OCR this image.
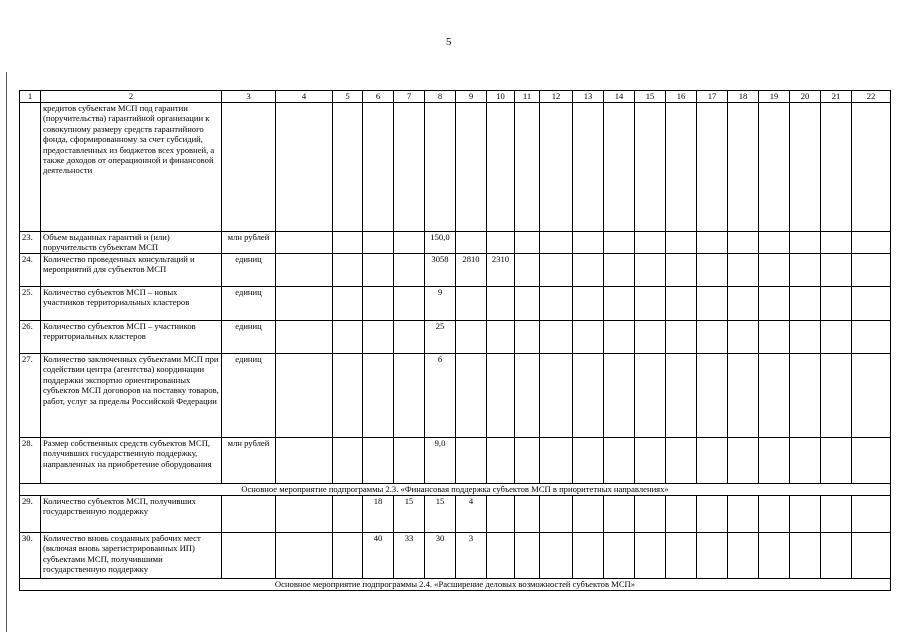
5
1	2	3	4	5	6	7	8	9	10	11	12	13	14	15	16	17	18	19	20	21	22
	кредитов субъектам МСП под гарантии (поручительства) гарантийной организации к совокупному размеру средств гарантийного фонда, сформированному за счет субсидий, предоставленных из бюджетов всех уровней, а также доходов от операционной и финансовой деятельности																				
23.	Объем выданных гарантий и (или) поручительств субъектам МСП	млн рублей					150,0														
24.	Количество проведенных консультаций и мероприятий для субъектов МСП	единиц					3058	2810	2310												
25.	Количество субъектов МСП – новых участников территориальных кластеров	единиц					9														
26.	Количество субъектов МСП – участников территориальных кластеров	единиц					25														
27.	Количество заключенных субъектами МСП при содействии центра (агентства) координации поддержки экспортно ориентированных субъектов МСП договоров на поставку товаров, работ, услуг за пределы Российской Федерации	единиц					6														
28.	Размер собственных средств субъектов МСП, получивших государственную поддержку, направленных на приобретение оборудования	млн рублей					9,0														
Основное мероприятие подпрограммы 2.3. «Финансовая поддержка субъектов МСП в приоритетных направлениях»																					
29.	Количество субъектов МСП, получивших государственную поддержку				18	15	15	4													
30.	Количество вновь созданных рабочих мест (включая вновь зарегистрированных ИП) субъектами МСП, получившими государственную поддержку				40	33	30	3													
Основное мероприятие подпрограммы 2.4. «Расширение деловых возможностей субъектов МСП»																					
